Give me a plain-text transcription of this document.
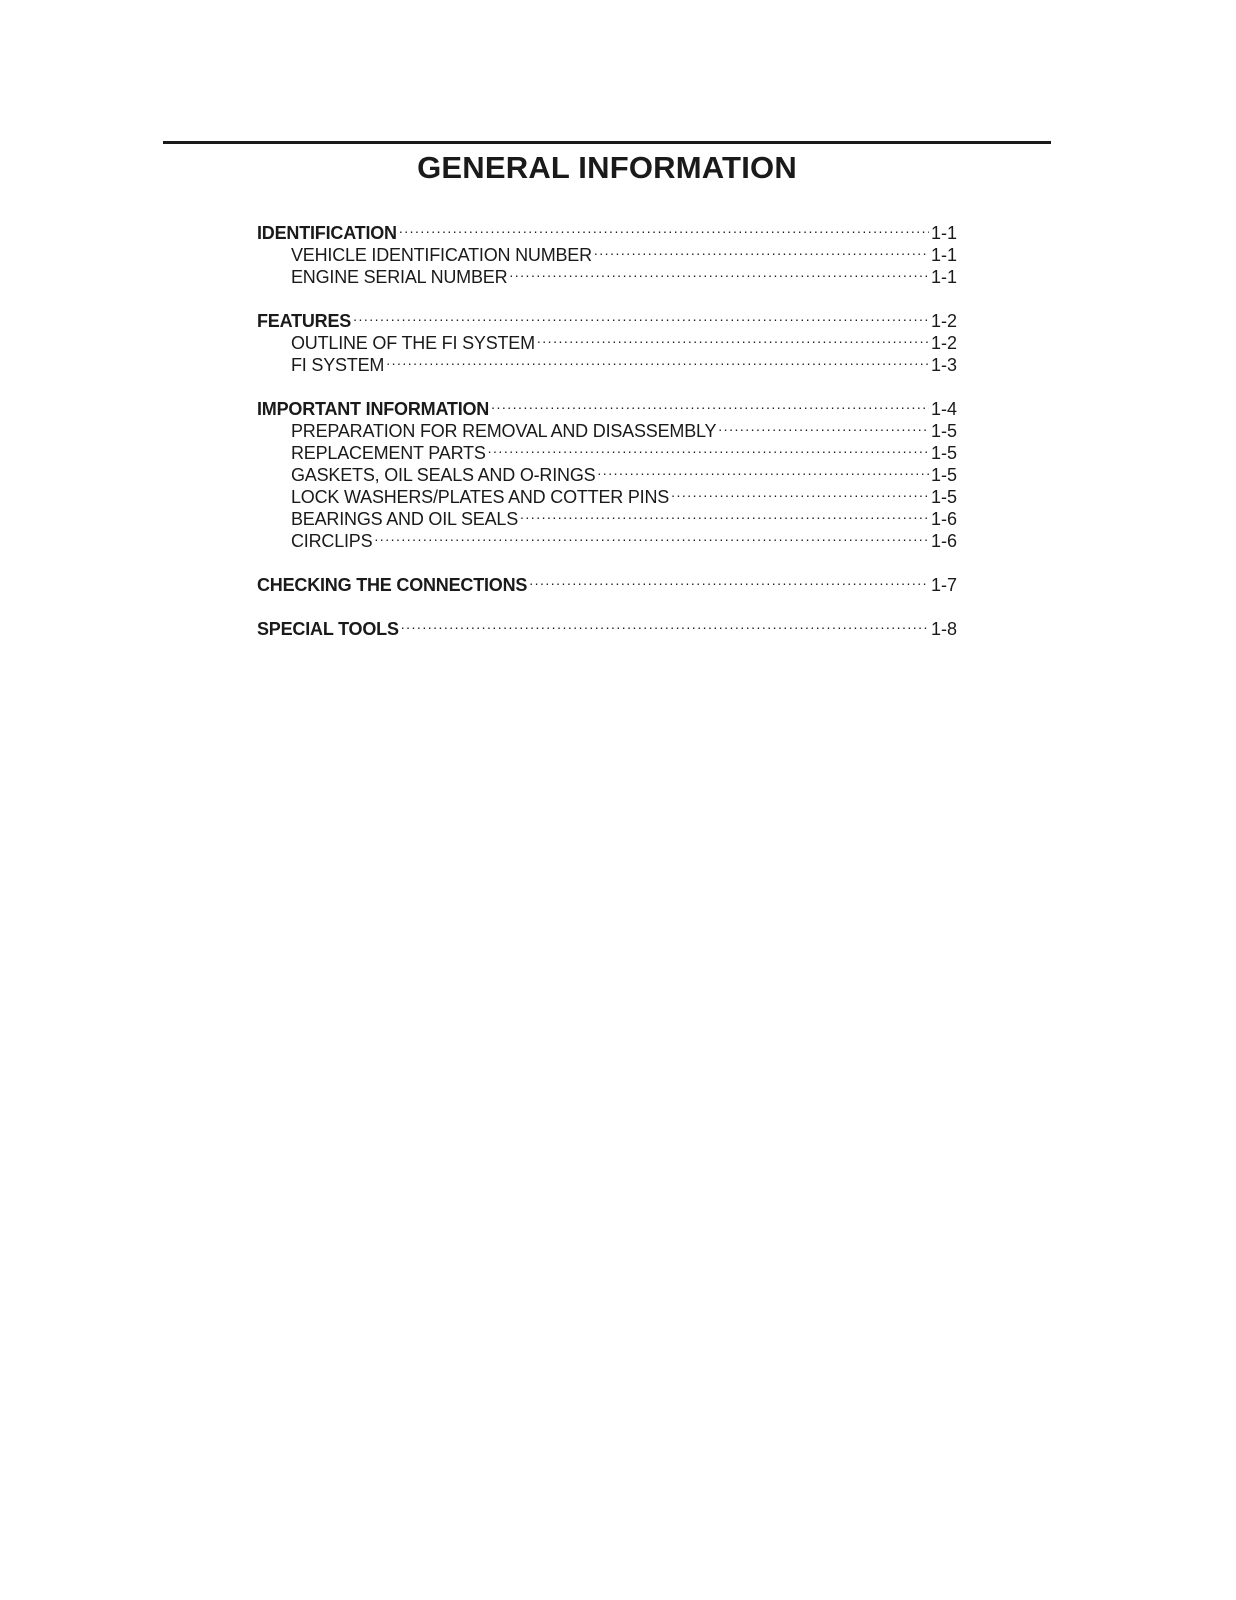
GENERAL INFORMATION
IDENTIFICATION .....	1-1
VEHICLE IDENTIFICATION NUMBER .....	1-1
ENGINE SERIAL NUMBER .....	1-1
FEATURES .....	1-2
OUTLINE OF THE FI SYSTEM .....	1-2
FI SYSTEM .....	1-3
IMPORTANT INFORMATION .....	1-4
PREPARATION FOR REMOVAL AND DISASSEMBLY .....	1-5
REPLACEMENT PARTS .....	1-5
GASKETS, OIL SEALS AND O-RINGS .....	1-5
LOCK WASHERS/PLATES AND COTTER PINS .....	1-5
BEARINGS AND OIL SEALS .....	1-6
CIRCLIPS .....	1-6
CHECKING THE CONNECTIONS .....	1-7
SPECIAL TOOLS .....	1-8
